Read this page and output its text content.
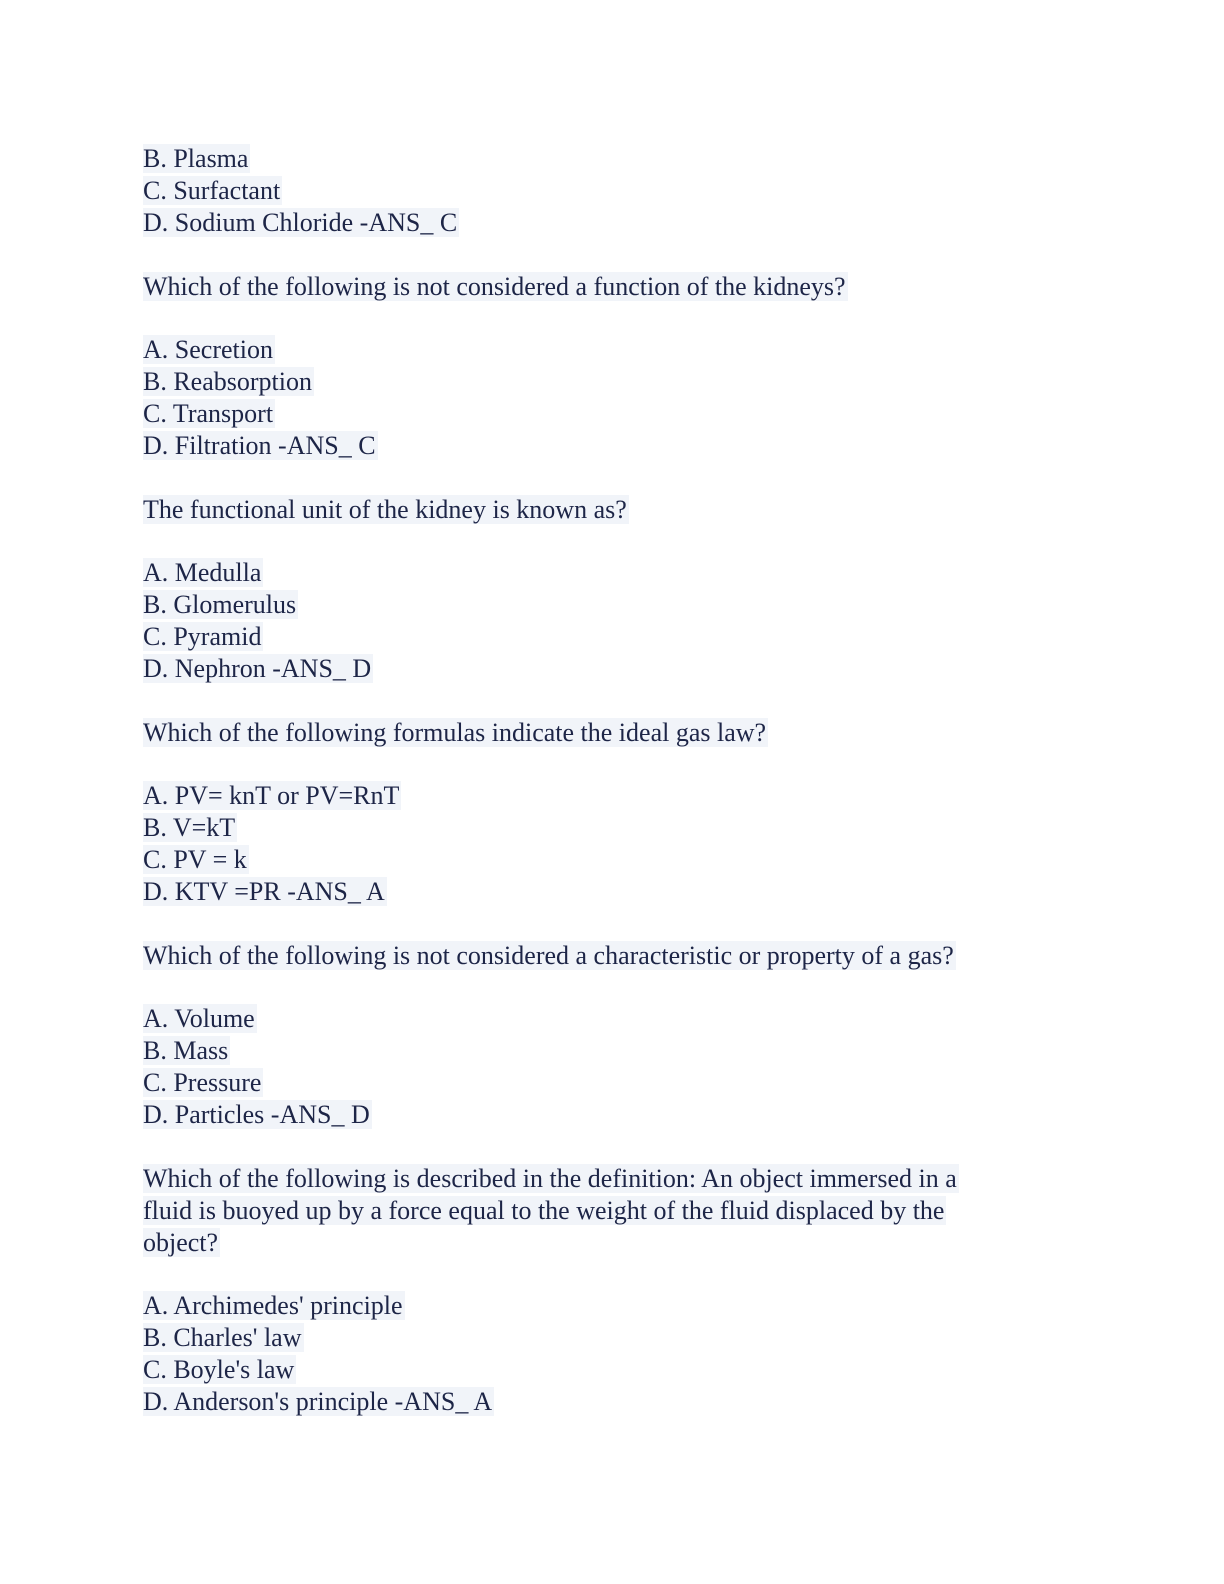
B. Plasma
C. Surfactant
D. Sodium Chloride -ANS_ C
Which of the following is not considered a function of the kidneys?
A. Secretion
B. Reabsorption
C. Transport
D. Filtration -ANS_ C
The functional unit of the kidney is known as?
A. Medulla
B. Glomerulus
C. Pyramid
D. Nephron -ANS_ D
Which of the following formulas indicate the ideal gas law?
A. PV= knT or PV=RnT
B. V=kT
C. PV = k
D. KTV =PR -ANS_ A
Which of the following is not considered a characteristic or property of a gas?
A. Volume
B. Mass
C. Pressure
D. Particles -ANS_ D
Which of the following is described in the definition: An object immersed in a
fluid is buoyed up by a force equal to the weight of the fluid displaced by the
object?
A. Archimedes' principle
B. Charles' law
C. Boyle's law
D. Anderson's principle -ANS_ A
